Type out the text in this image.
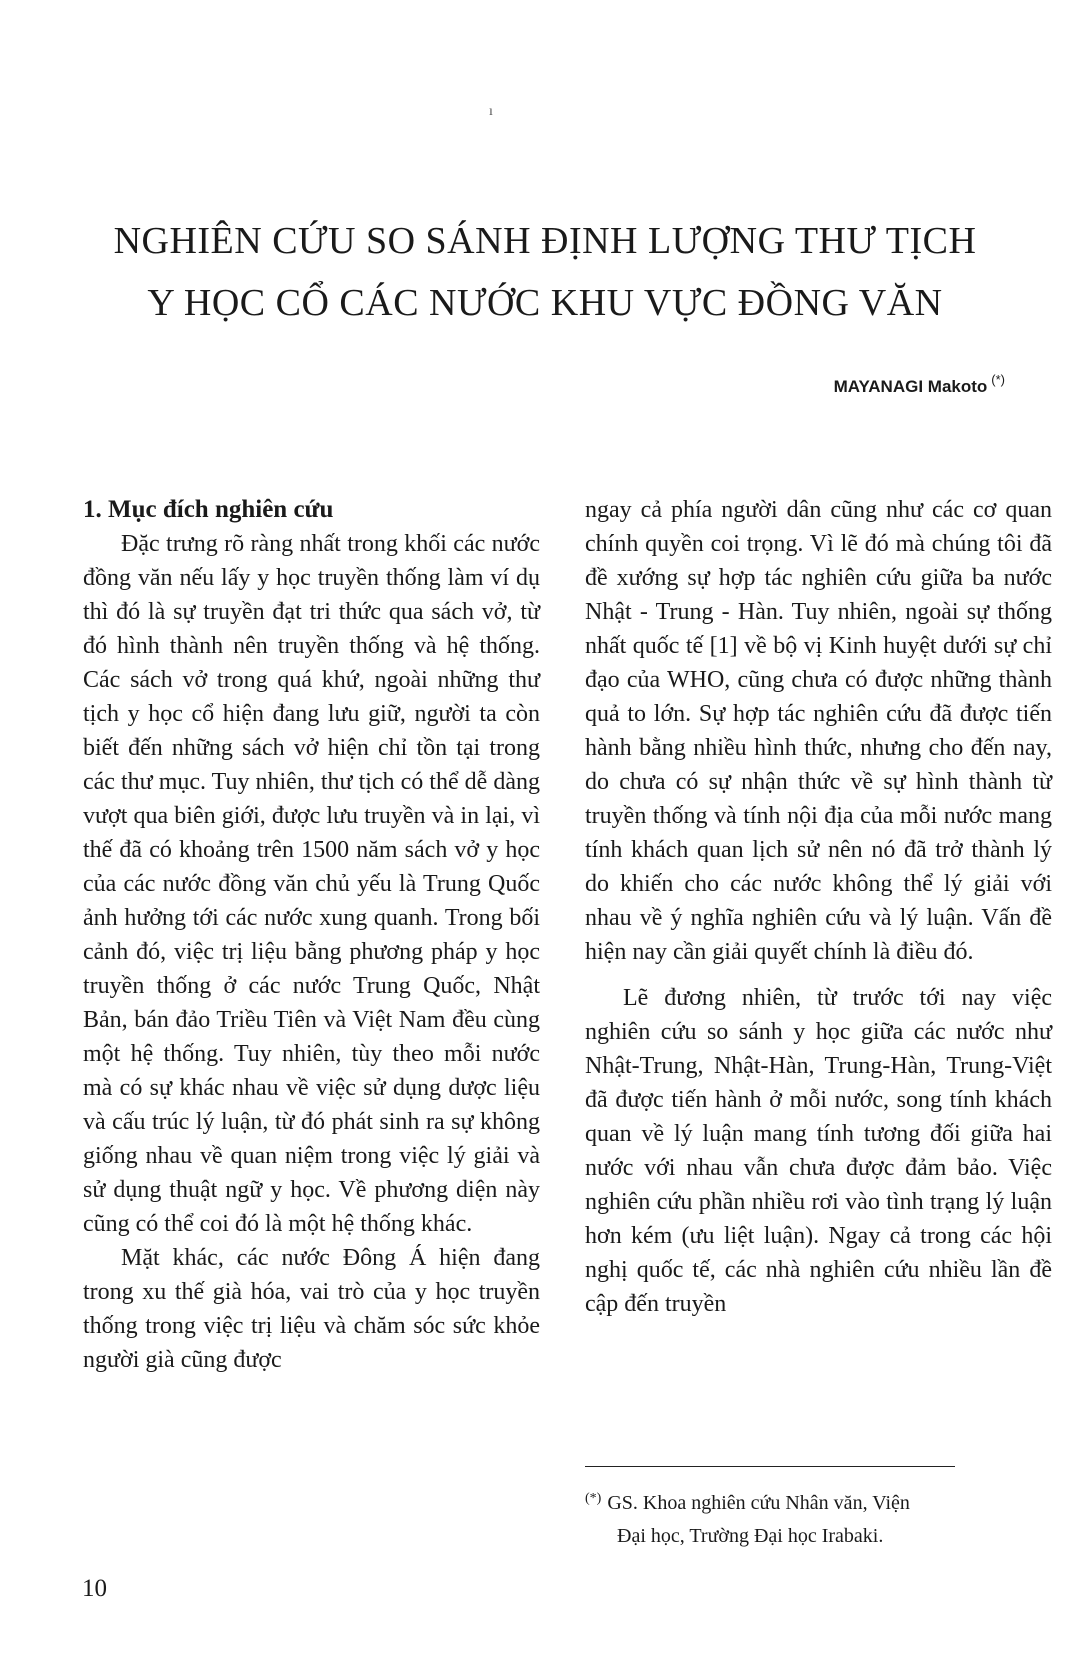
ı
NGHIÊN CỨU SO SÁNH ĐỊNH LƯỢNG THƯ TỊCH
Y HỌC CỔ CÁC NƯỚC KHU VỰC ĐỒNG VĂN
MAYANAGI Makoto (*)

1. Mục đích nghiên cứu

Đặc trưng rõ ràng nhất trong khối các nước đồng văn nếu lấy y học truyền thống làm ví dụ thì đó là sự truyền đạt tri thức qua sách vở, từ đó hình thành nên truyền thống và hệ thống. Các sách vở trong quá khứ, ngoài những thư tịch y học cổ hiện đang lưu giữ, người ta còn biết đến những sách vở hiện chỉ tồn tại trong các thư mục. Tuy nhiên, thư tịch có thể dễ dàng vượt qua biên giới, được lưu truyền và in lại, vì thế đã có khoảng trên 1500 năm sách vở y học của các nước đồng văn chủ yếu là Trung Quốc ảnh hưởng tới các nước xung quanh. Trong bối cảnh đó, việc trị liệu bằng phương pháp y học truyền thống ở các nước Trung Quốc, Nhật Bản, bán đảo Triều Tiên và Việt Nam đều cùng một hệ thống. Tuy nhiên, tùy theo mỗi nước mà có sự khác nhau về việc sử dụng dược liệu và cấu trúc lý luận, từ đó phát sinh ra sự không giống nhau về quan niệm trong việc lý giải và sử dụng thuật ngữ y học. Về phương diện này cũng có thể coi đó là một hệ thống khác.

Mặt khác, các nước Đông Á hiện đang trong xu thế già hóa, vai trò của y học truyền thống trong việc trị liệu và chăm sóc sức khỏe người già cũng được

ngay cả phía người dân cũng như các cơ quan chính quyền coi trọng. Vì lẽ đó mà chúng tôi đã đề xướng sự hợp tác nghiên cứu giữa ba nước Nhật - Trung - Hàn. Tuy nhiên, ngoài sự thống nhất quốc tế [1] về bộ vị Kinh huyệt dưới sự chỉ đạo của WHO, cũng chưa có được những thành quả to lớn. Sự hợp tác nghiên cứu đã được tiến hành bằng nhiều hình thức, nhưng cho đến nay, do chưa có sự nhận thức về sự hình thành từ truyền thống và tính nội địa của mỗi nước mang tính khách quan lịch sử nên nó đã trở thành lý do khiến cho các nước không thể lý giải với nhau về ý nghĩa nghiên cứu và lý luận. Vấn đề hiện nay cần giải quyết chính là điều đó.

Lẽ đương nhiên, từ trước tới nay việc nghiên cứu so sánh y học giữa các nước như Nhật-Trung, Nhật-Hàn, Trung-Hàn, Trung-Việt đã được tiến hành ở mỗi nước, song tính khách quan về lý luận mang tính tương đối giữa hai nước với nhau vẫn chưa được đảm bảo. Việc nghiên cứu phần nhiều rơi vào tình trạng lý luận hơn kém (ưu liệt luận). Ngay cả trong các hội nghị quốc tế, các nhà nghiên cứu nhiều lần đề cập đến truyền

(*) GS. Khoa nghiên cứu Nhân văn, Viện
Đại học, Trường Đại học Irabaki.
10
